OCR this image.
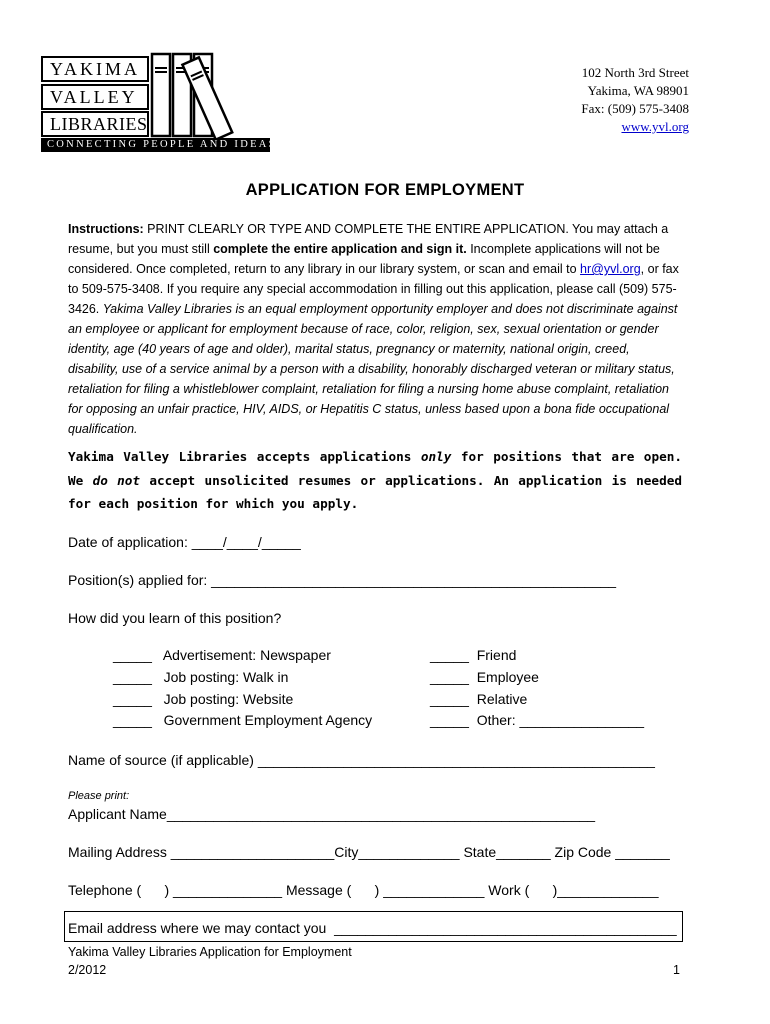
YAKIMA
VALLEY
LIBRARIES
CONNECTING PEOPLE AND IDEAS
102 North 3rd Street
Yakima, WA 98901
Fax: (509) 575-3408
www.yvl.org
APPLICATION FOR EMPLOYMENT
Instructions: PRINT CLEARLY OR TYPE AND COMPLETE THE ENTIRE APPLICATION. You may attach a resume, but you must still complete the entire application and sign it. Incomplete applications will not be considered. Once completed, return to any library in our library system, or scan and email to hr@yvl.org, or fax to 509-575-3408. If you require any special accommodation in filling out this application, please call (509) 575-3426. Yakima Valley Libraries is an equal employment opportunity employer and does not discriminate against an employee or applicant for employment because of race, color, religion, sex, sexual orientation or gender identity, age (40 years of age and older), marital status, pregnancy or maternity, national origin, creed, disability, use of a service animal by a person with a disability, honorably discharged veteran or military status, retaliation for filing a whistleblower complaint, retaliation for filing a nursing home abuse complaint, retaliation for opposing an unfair practice, HIV, AIDS, or Hepatitis C status, unless based upon a bona fide occupational qualification.
Yakima Valley Libraries accepts applications only for positions that are open. We do not accept unsolicited resumes or applications. An application is needed for each position for which you apply.
Date of application: ____/____/_____
Position(s) applied for: ____________________________________________________
How did you learn of this position?
_____   Advertisement: Newspaper
_____   Job posting: Walk in
_____   Job posting: Website
_____   Government Employment Agency
_____  Friend
_____  Employee
_____  Relative
_____  Other: ________________
Name of source (if applicable) ___________________________________________________
Please print:
Applicant Name_______________________________________________________
Mailing Address _____________________City_____________ State_______ Zip Code _______
Telephone (      ) ______________ Message (      ) _____________ Work (      )_____________
Email address where we may contact you  ____________________________________________
Yakima Valley Libraries Application for Employment
2/2012	1
